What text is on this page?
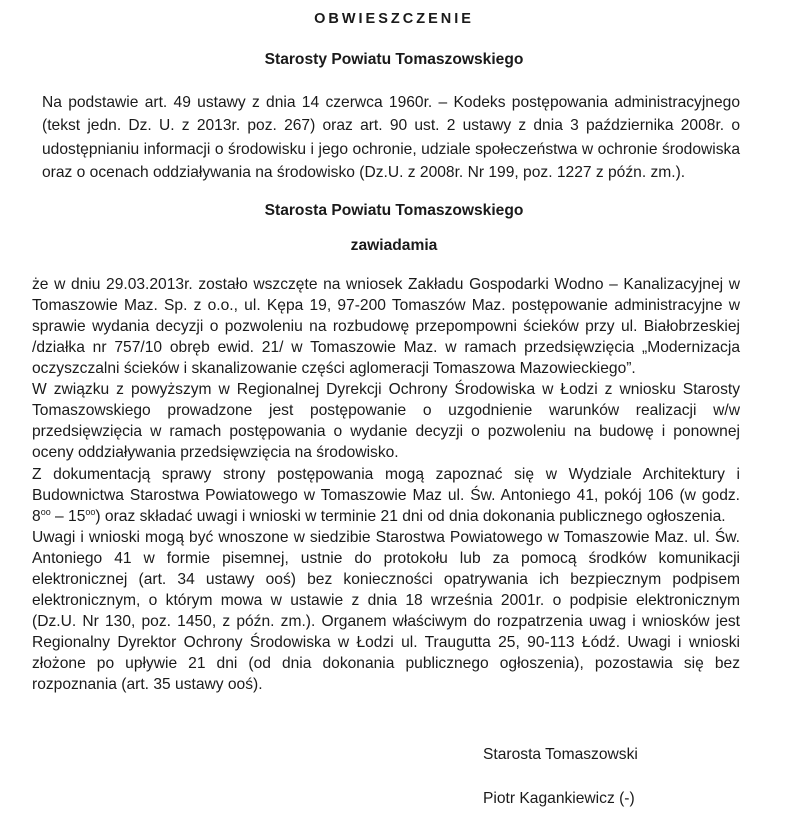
OBWIESZCZENIE
Starosty Powiatu Tomaszowskiego
Na podstawie art. 49 ustawy z dnia 14 czerwca 1960r. – Kodeks postępowania administracyjnego
(tekst jedn. Dz. U. z 2013r. poz. 267) oraz art. 90 ust. 2 ustawy z dnia 3 października 2008r. o
udostępnianiu informacji o środowisku i jego ochronie, udziale społeczeństwa w ochronie środowiska
oraz o ocenach oddziaływania na środowisko (Dz.U. z 2008r. Nr 199, poz. 1227 z późn. zm.).
Starosta Powiatu Tomaszowskiego
zawiadamia
że w dniu 29.03.2013r. zostało wszczęte na wniosek Zakładu Gospodarki Wodno – Kanalizacyjnej w
Tomaszowie Maz. Sp. z o.o., ul. Kępa 19, 97-200 Tomaszów Maz. postępowanie administracyjne w
sprawie wydania decyzji o pozwoleniu na rozbudowę przepompowni ścieków przy ul. Białobrzeskiej
/działka nr 757/10 obręb ewid. 21/ w Tomaszowie Maz. w ramach przedsięwzięcia „Modernizacja
oczyszczalni ścieków i skanalizowanie części aglomeracji Tomaszowa Mazowieckiego”.
W związku z powyższym w Regionalnej Dyrekcji Ochrony Środowiska w Łodzi z wniosku Starosty
Tomaszowskiego prowadzone jest postępowanie o uzgodnienie warunków realizacji w/w
przedsięwzięcia w ramach postępowania o wydanie decyzji o pozwoleniu na budowę i ponownej
oceny oddziaływania przedsięwzięcia na środowisko.
Z dokumentacją sprawy strony postępowania mogą zapoznać się w Wydziale Architektury i
Budownictwa Starostwa Powiatowego w Tomaszowie Maz ul. Św. Antoniego 41, pokój 106 (w godz.
$8^{oo} - 15^{oo}$) oraz składać uwagi i wnioski w terminie 21 dni od dnia dokonania publicznego ogłoszenia.
Uwagi i wnioski mogą być wnoszone w siedzibie Starostwa Powiatowego w Tomaszowie Maz. ul. Św.
Antoniego 41 w formie pisemnej, ustnie do protokołu lub za pomocą środków komunikacji
elektronicznej (art. 34 ustawy ooś) bez konieczności opatrywania ich bezpiecznym podpisem
elektronicznym, o którym mowa w ustawie z dnia 18 września 2001r. o podpisie elektronicznym
(Dz.U. Nr 130, poz. 1450, z późn. zm.). Organem właściwym do rozpatrzenia uwag i wniosków jest
Regionalny Dyrektor Ochrony Środowiska w Łodzi ul. Traugutta 25, 90-113 Łódź. Uwagi i wnioski
złożone po upływie 21 dni (od dnia dokonania publicznego ogłoszenia), pozostawia się bez
rozpoznania (art. 35 ustawy ooś).
Starosta Tomaszowski
Piotr Kagankiewicz (-)
